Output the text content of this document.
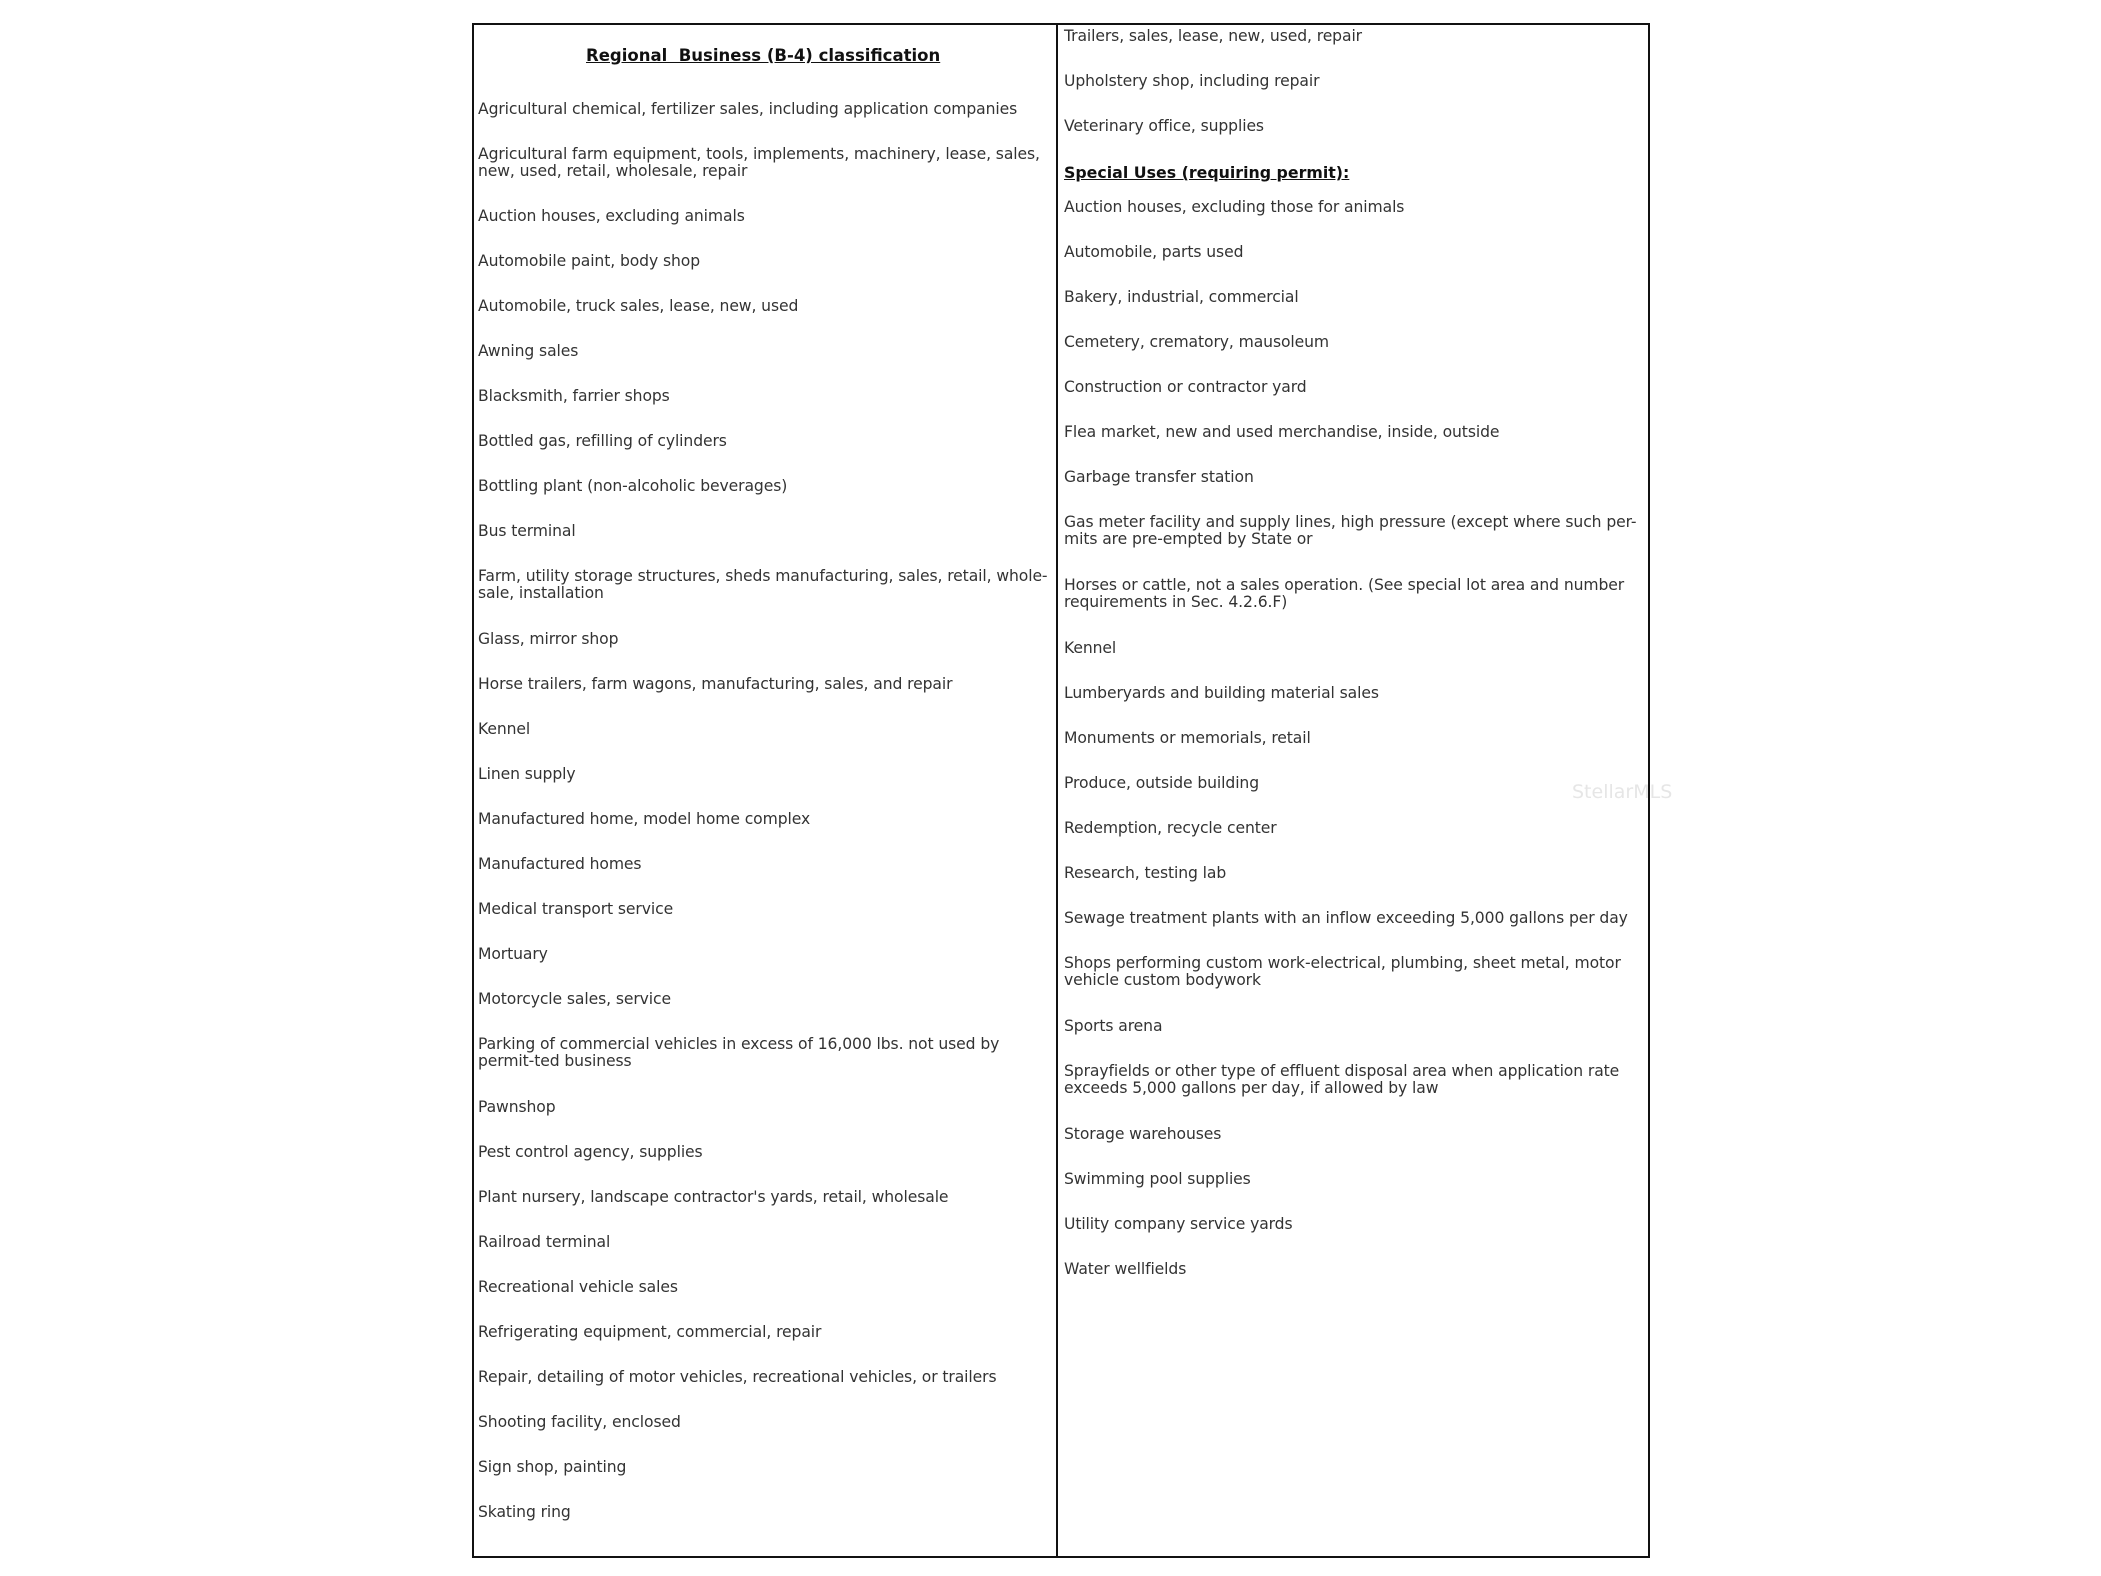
Regional  Business (B-4) classification
Agricultural chemical, fertilizer sales, including application companies
Agricultural farm equipment, tools, implements, machinery, lease, sales, new, used, retail, wholesale, repair
Auction houses, excluding animals
Automobile paint, body shop
Automobile, truck sales, lease, new, used
Awning sales
Blacksmith, farrier shops
Bottled gas, refilling of cylinders
Bottling plant (non-alcoholic beverages)
Bus terminal
Farm, utility storage structures, sheds manufacturing, sales, retail, whole-sale, installation
Glass, mirror shop
Horse trailers, farm wagons, manufacturing, sales, and repair
Kennel
Linen supply
Manufactured home, model home complex
Manufactured homes
Medical transport service
Mortuary
Motorcycle sales, service
Parking of commercial vehicles in excess of 16,000 lbs. not used by permit-ted business
Pawnshop
Pest control agency, supplies
Plant nursery, landscape contractor's yards, retail, wholesale
Railroad terminal
Recreational vehicle sales
Refrigerating equipment, commercial, repair
Repair, detailing of motor vehicles, recreational vehicles, or trailers
Shooting facility, enclosed
Sign shop, painting
Skating ring
Trailers, sales, lease, new, used, repair
Upholstery shop, including repair
Veterinary office, supplies
Auction houses, excluding those for animals
Automobile, parts used
Bakery, industrial, commercial
Cemetery, crematory, mausoleum
Construction or contractor yard
Flea market, new and used merchandise, inside, outside
Garbage transfer station
Gas meter facility and supply lines, high pressure (except where such per-mits are pre-empted by State or
Horses or cattle, not a sales operation. (See special lot area and number requirements in Sec. 4.2.6.F)
Kennel
Lumberyards and building material sales
Monuments or memorials, retail
Produce, outside building
Redemption, recycle center
Research, testing lab
Sewage treatment plants with an inflow exceeding 5,000 gallons per day
Shops performing custom work-electrical, plumbing, sheet metal, motor vehicle custom bodywork
Sports arena
Sprayfields or other type of effluent disposal area when application rate exceeds 5,000 gallons per day, if allowed by law
Storage warehouses
Swimming pool supplies
Utility company service yards
Water wellfields
Special Uses (requiring permit):
StellarMLS
